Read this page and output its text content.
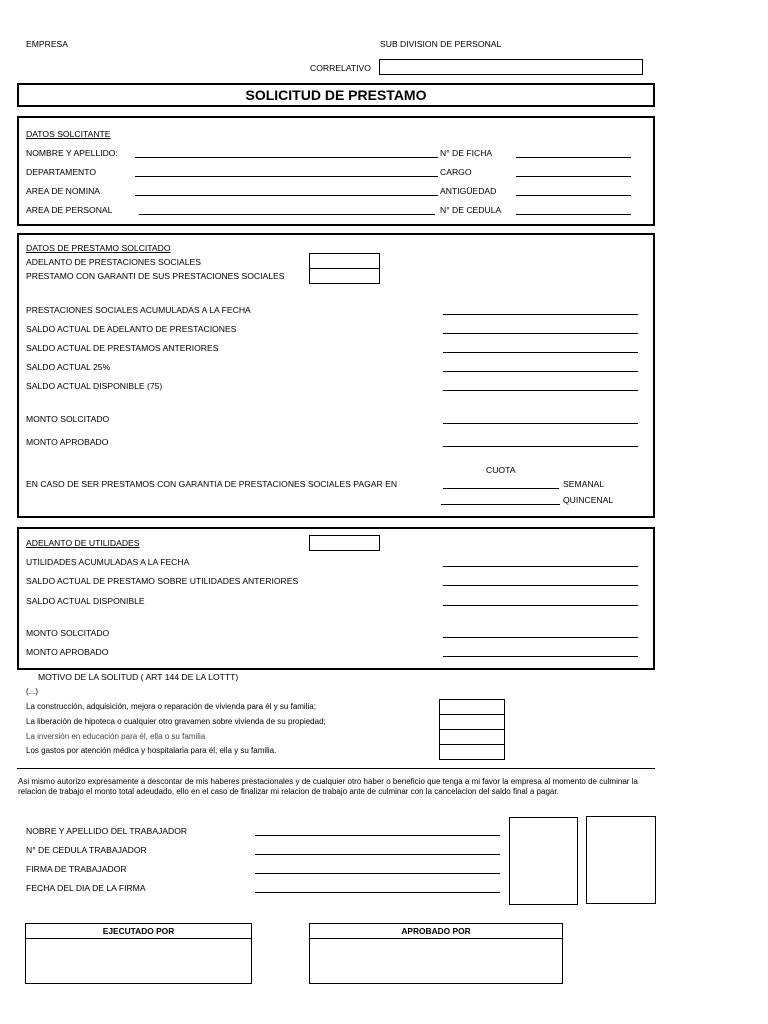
EMPRESA	SUB DIVISION DE PERSONAL
CORRELATIVO
SOLICITUD DE PRESTAMO
DATOS SOLCITANTE
NOMBRE Y APELLIDO:	N° DE FICHA
DEPARTAMENTO	CARGO
AREA DE NOMINA	ANTIGÜEDAD
AREA DE PERSONAL	N° DE CEDULA
DATOS DE PRESTAMO SOLCITADO
ADELANTO DE PRESTACIONES SOCIALES
PRESTAMO CON GARANTI DE SUS PRESTACIONES SOCIALES
PRESTACIONES SOCIALES ACUMULADAS A LA FECHA
SALDO ACTUAL DE ADELANTO DE PRESTACIONES
SALDO ACTUAL DE PRESTAMOS ANTERIORES
SALDO ACTUAL 25%
SALDO ACTUAL DISPONIBLE (75)
MONTO SOLCITADO
MONTO APROBADO
CUOTA
EN CASO DE SER PRESTAMOS CON GARANTIA DE PRESTACIONES SOCIALES PAGAR EN	SEMANAL
QUINCENAL
ADELANTO DE UTILIDADES
UTILIDADES ACUMULADAS A LA FECHA
SALDO ACTUAL DE PRESTAMO SOBRE UTILIDADES ANTERIORES
SALDO ACTUAL DISPONIBLE
MONTO SOLCITADO
MONTO APROBADO
MOTIVO DE LA SOLITUD ( ART 144 DE LA LOTTT)
(...)
La construcción, adquisición, mejora o reparación de vivienda para él y su familia;
La liberación de hipoteca o cualquier otro gravamen sobre vivienda de su propiedad;
La inversión en educación para él, ella o su familia
Los gastos por atención médica y hospitalaria para él, ella y su familia.
Asi mismo autorizo expresamente a descontar de mis haberes prestacionales y de cualquier otro haber o beneficio que tenga a mi favor la empresa al momento de culminar la relacion de trabajo el monto total adeudado, ello en el caso de finalizar mi relacion de trabajo ante de culminar con la cancelacion del saldo final a pagar.
NOBRE Y APELLIDO DEL TRABAJADOR
N° DE CEDULA TRABAJADOR
FIRMA DE TRABAJADOR
FECHA DEL DIA DE LA FIRMA
EJECUTADO POR	APROBADO POR
